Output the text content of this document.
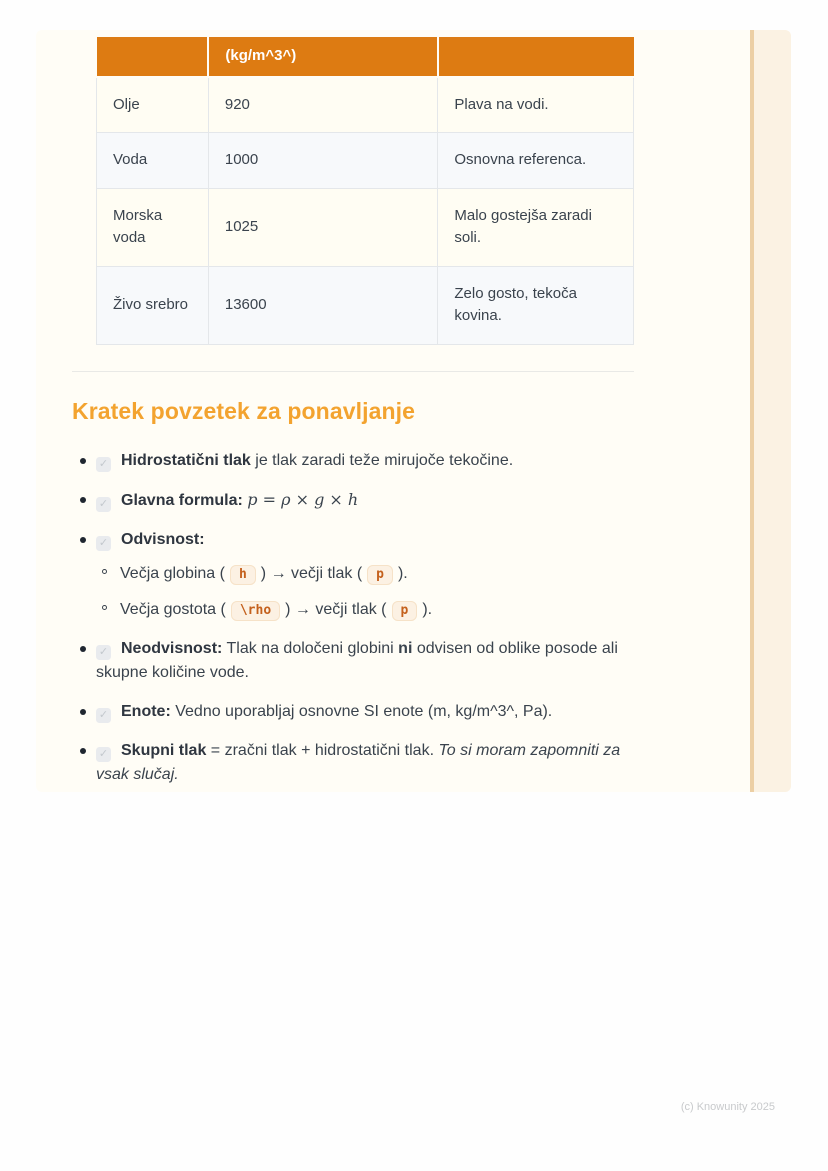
	(kg/m^3^)	
Olje	920	Plava na vodi.
Voda	1000	Osnovna referenca.
Morska voda	1025	Malo gostejša zaradi soli.
Živo srebro	13600	Zelo gosto, tekoča kovina.
Kratek povzetek za ponavljanje
✓ Hidrostatični tlak je tlak zaradi teže mirujoče tekočine.
✓ Glavna formula: p = ρ × g × h
✓ Odvisnost:
Večja globina ( h ) → večji tlak ( p ).
Večja gostota ( \rho ) → večji tlak ( p ).
✓ Neodvisnost: Tlak na določeni globini ni odvisen od oblike posode ali skupne količine vode.
✓ Enote: Vedno uporabljaj osnovne SI enote (m, kg/m^3^, Pa).
✓ Skupni tlak = zračni tlak + hidrostatični tlak. To si moram zapomniti za vsak slučaj.
(c) Knowunity 2025
